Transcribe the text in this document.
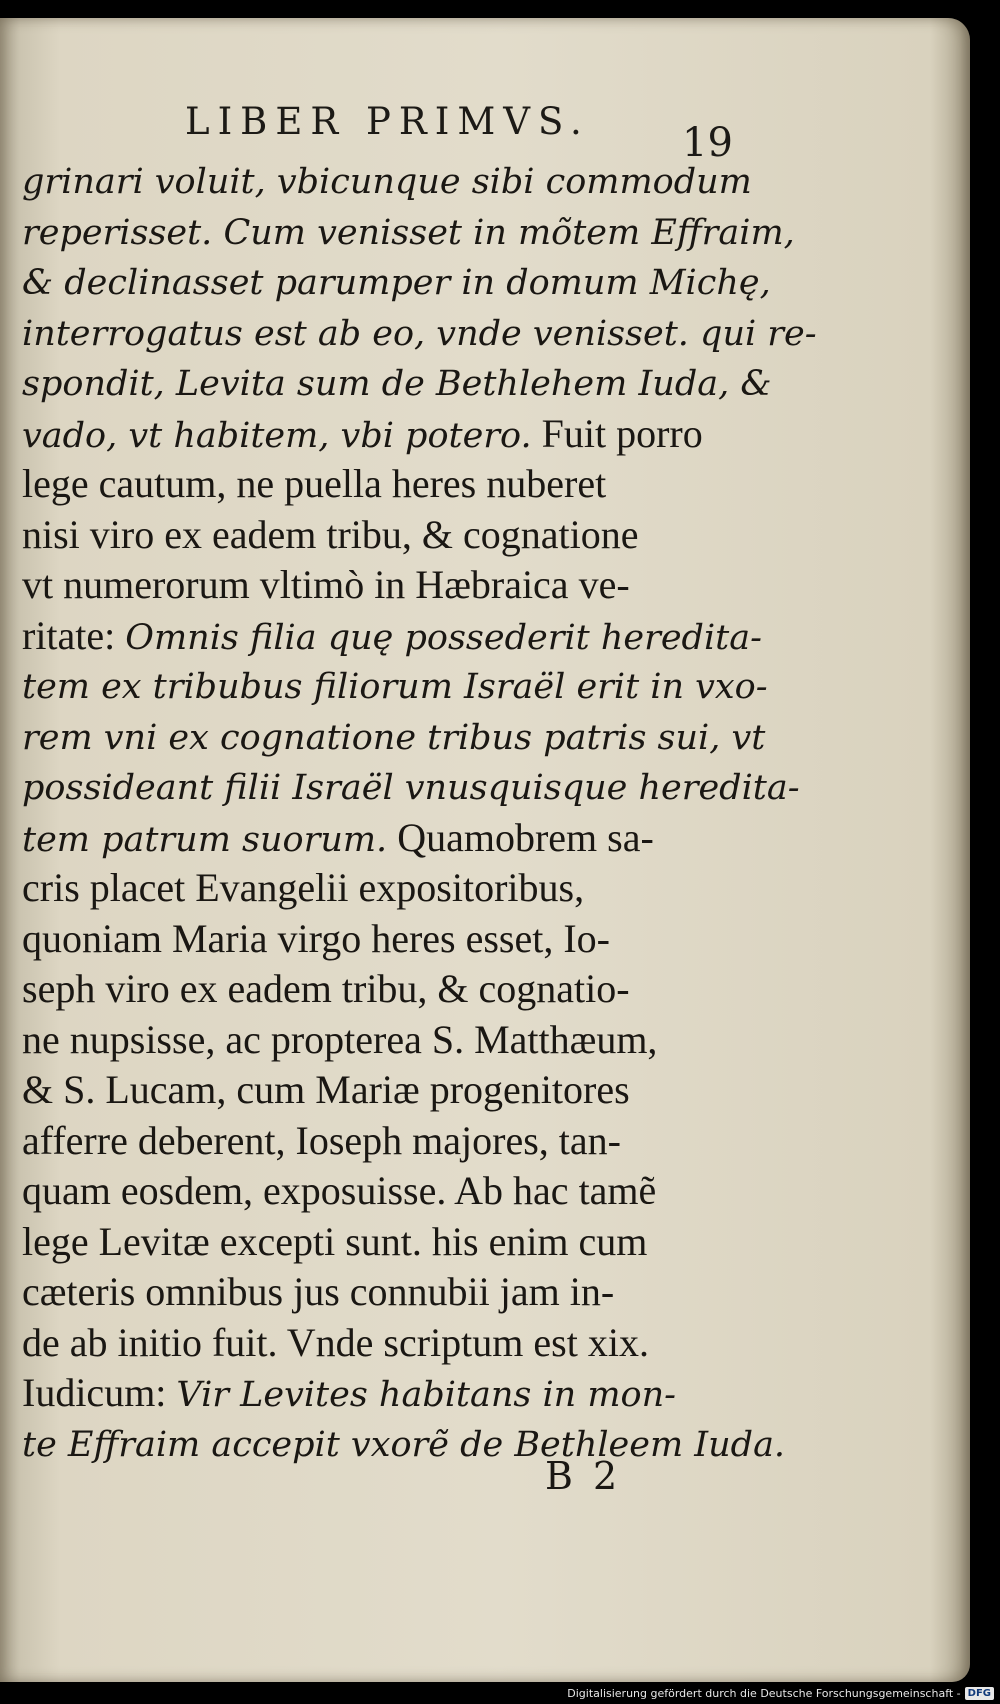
LIBER PRIMVS. 19
grinari voluit, vbicunque sibi commodum
reperisset. Cum venisset in mõtem Effraim,
& declinasset parumper in domum Michę,
interrogatus est ab eo, vnde venisset. qui re-
spondit, Levita sum de Bethlehem Iuda, &
vado, vt habitem, vbi potero. Fuit porro
lege cautum, ne puella heres nuberet
nisi viro ex eadem tribu, & cognatione
vt numerorum vltimò in Hæbraica ve-
ritate: Omnis filia quę possederit heredita-
tem ex tribubus filiorum Israël erit in vxo-
rem vni ex cognatione tribus patris sui, vt
possideant filii Israël vnusquisque heredita-
tem patrum suorum. Quamobrem sa-
cris placet Evangelii expositoribus,
quoniam Maria virgo heres esset, Io-
seph viro ex eadem tribu, & cognatio-
ne nupsisse, ac propterea S. Matthæum,
& S. Lucam, cum Mariæ progenitores
afferre deberent, Ioseph majores, tan-
quam eosdem, exposuisse. Ab hac tamẽ
lege Levitæ excepti sunt. his enim cum
cæteris omnibus jus connubii jam in-
de ab initio fuit. Vnde scriptum est xix.
Iudicum: Vir Levites habitans in mon-
te Effraim accepit vxorẽ de Bethleem Iuda.
B 2
Digitalisierung gefördert durch die Deutsche Forschungsgemeinschaft - DFG
